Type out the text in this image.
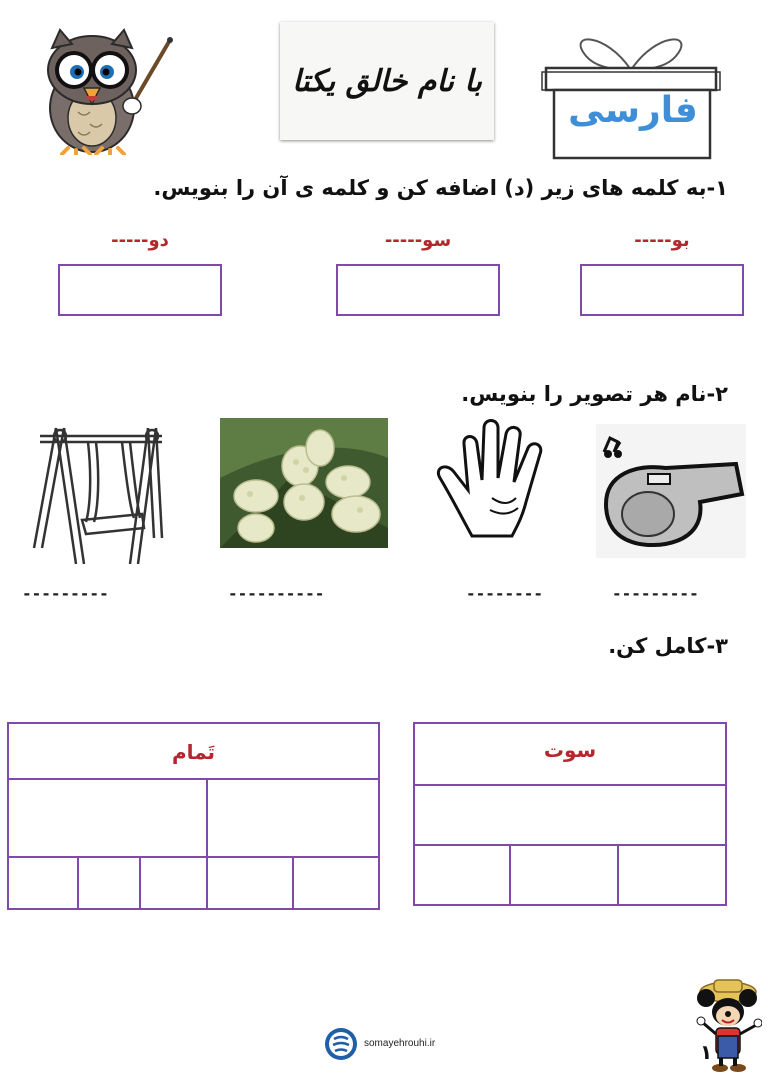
با نام خالق یکتا
فارسی
۱-به کلمه های زیر (د) اضافه کن و کلمه ی آن را بنویس.
بو-----
سو-----
دو-----
۲-نام هر تصویر را بنویس.
---------
--------
----------
---------
۳-کامل کن.
سوت
تَمام
somayehrouhi.ir	۱
